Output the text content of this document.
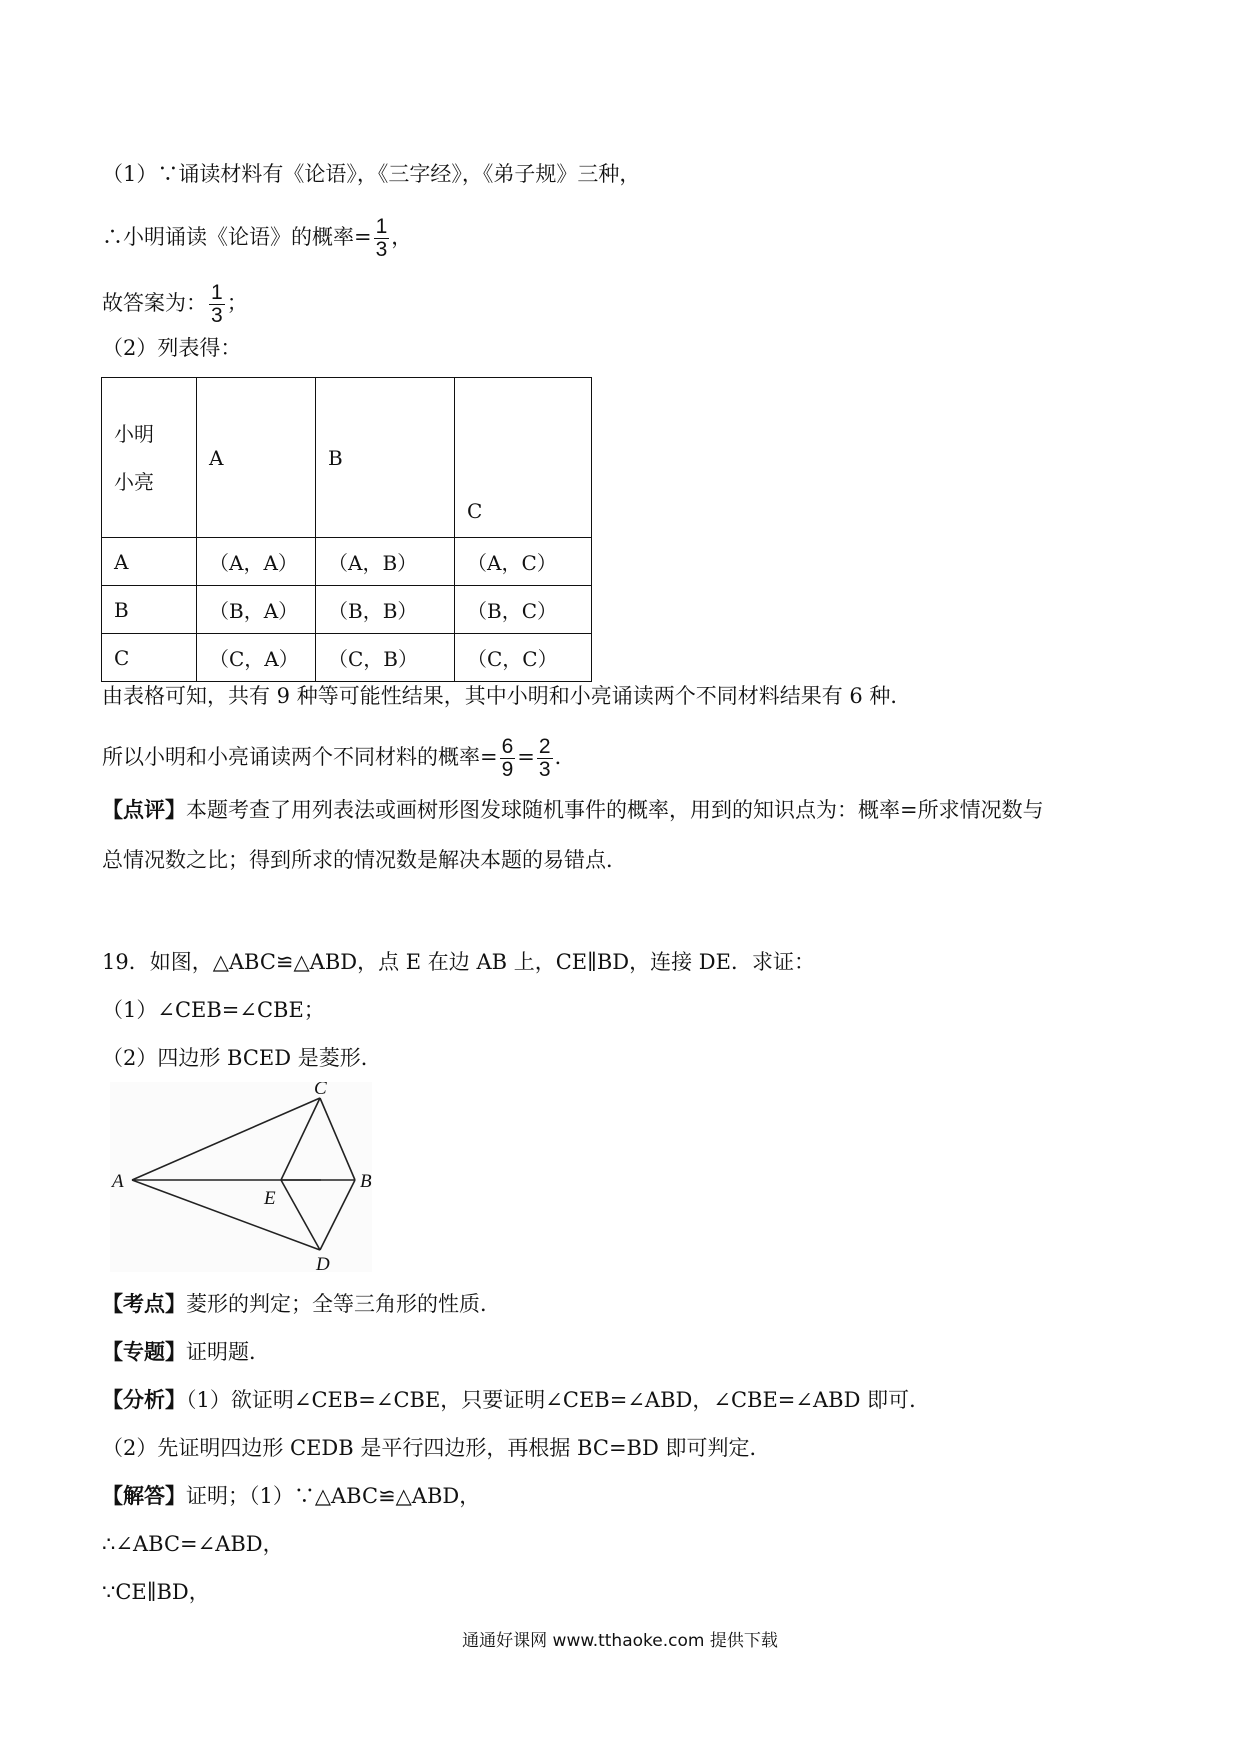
（1）∵诵读材料有《论语》，《三字经》，《弟子规》三种，
∴小明诵读《论语》的概率= $\frac{1}{3}$ ，
故答案为： $\frac{1}{3}$ ；
（2）列表得：
小明
小亮	A	B	C
A	（A，A）	（A，B）	（A，C）
B	（B，A）	（B，B）	（B，C）
C	（C，A）	（C，B）	（C，C）
由表格可知，共有 9 种等可能性结果，其中小明和小亮诵读两个不同材料结果有 6 种．
所以小明和小亮诵读两个不同材料的概率= $\frac{6}{9} = \frac{2}{3}$ ．
【点评】本题考查了用列表法或画树形图发球随机事件的概率，用到的知识点为：概率=所求情况数与
总情况数之比；得到所求的情况数是解决本题的易错点．
19．如图，△ABC≌△ABD，点 E 在边 AB 上，CE∥BD，连接 DE．求证：
（1）∠CEB=∠CBE；
（2）四边形 BCED 是菱形．
A	B
C
D
E
【考点】菱形的判定；全等三角形的性质．
【专题】证明题．
【分析】（1）欲证明∠CEB=∠CBE，只要证明∠CEB=∠ABD，∠CBE=∠ABD 即可．
（2）先证明四边形 CEDB 是平行四边形，再根据 BC=BD 即可判定．
【解答】证明；（1）∵△ABC≌△ABD，
∴∠ABC=∠ABD，
∵CE∥BD，
通通好课网 www.tthaoke.com 提供下载
